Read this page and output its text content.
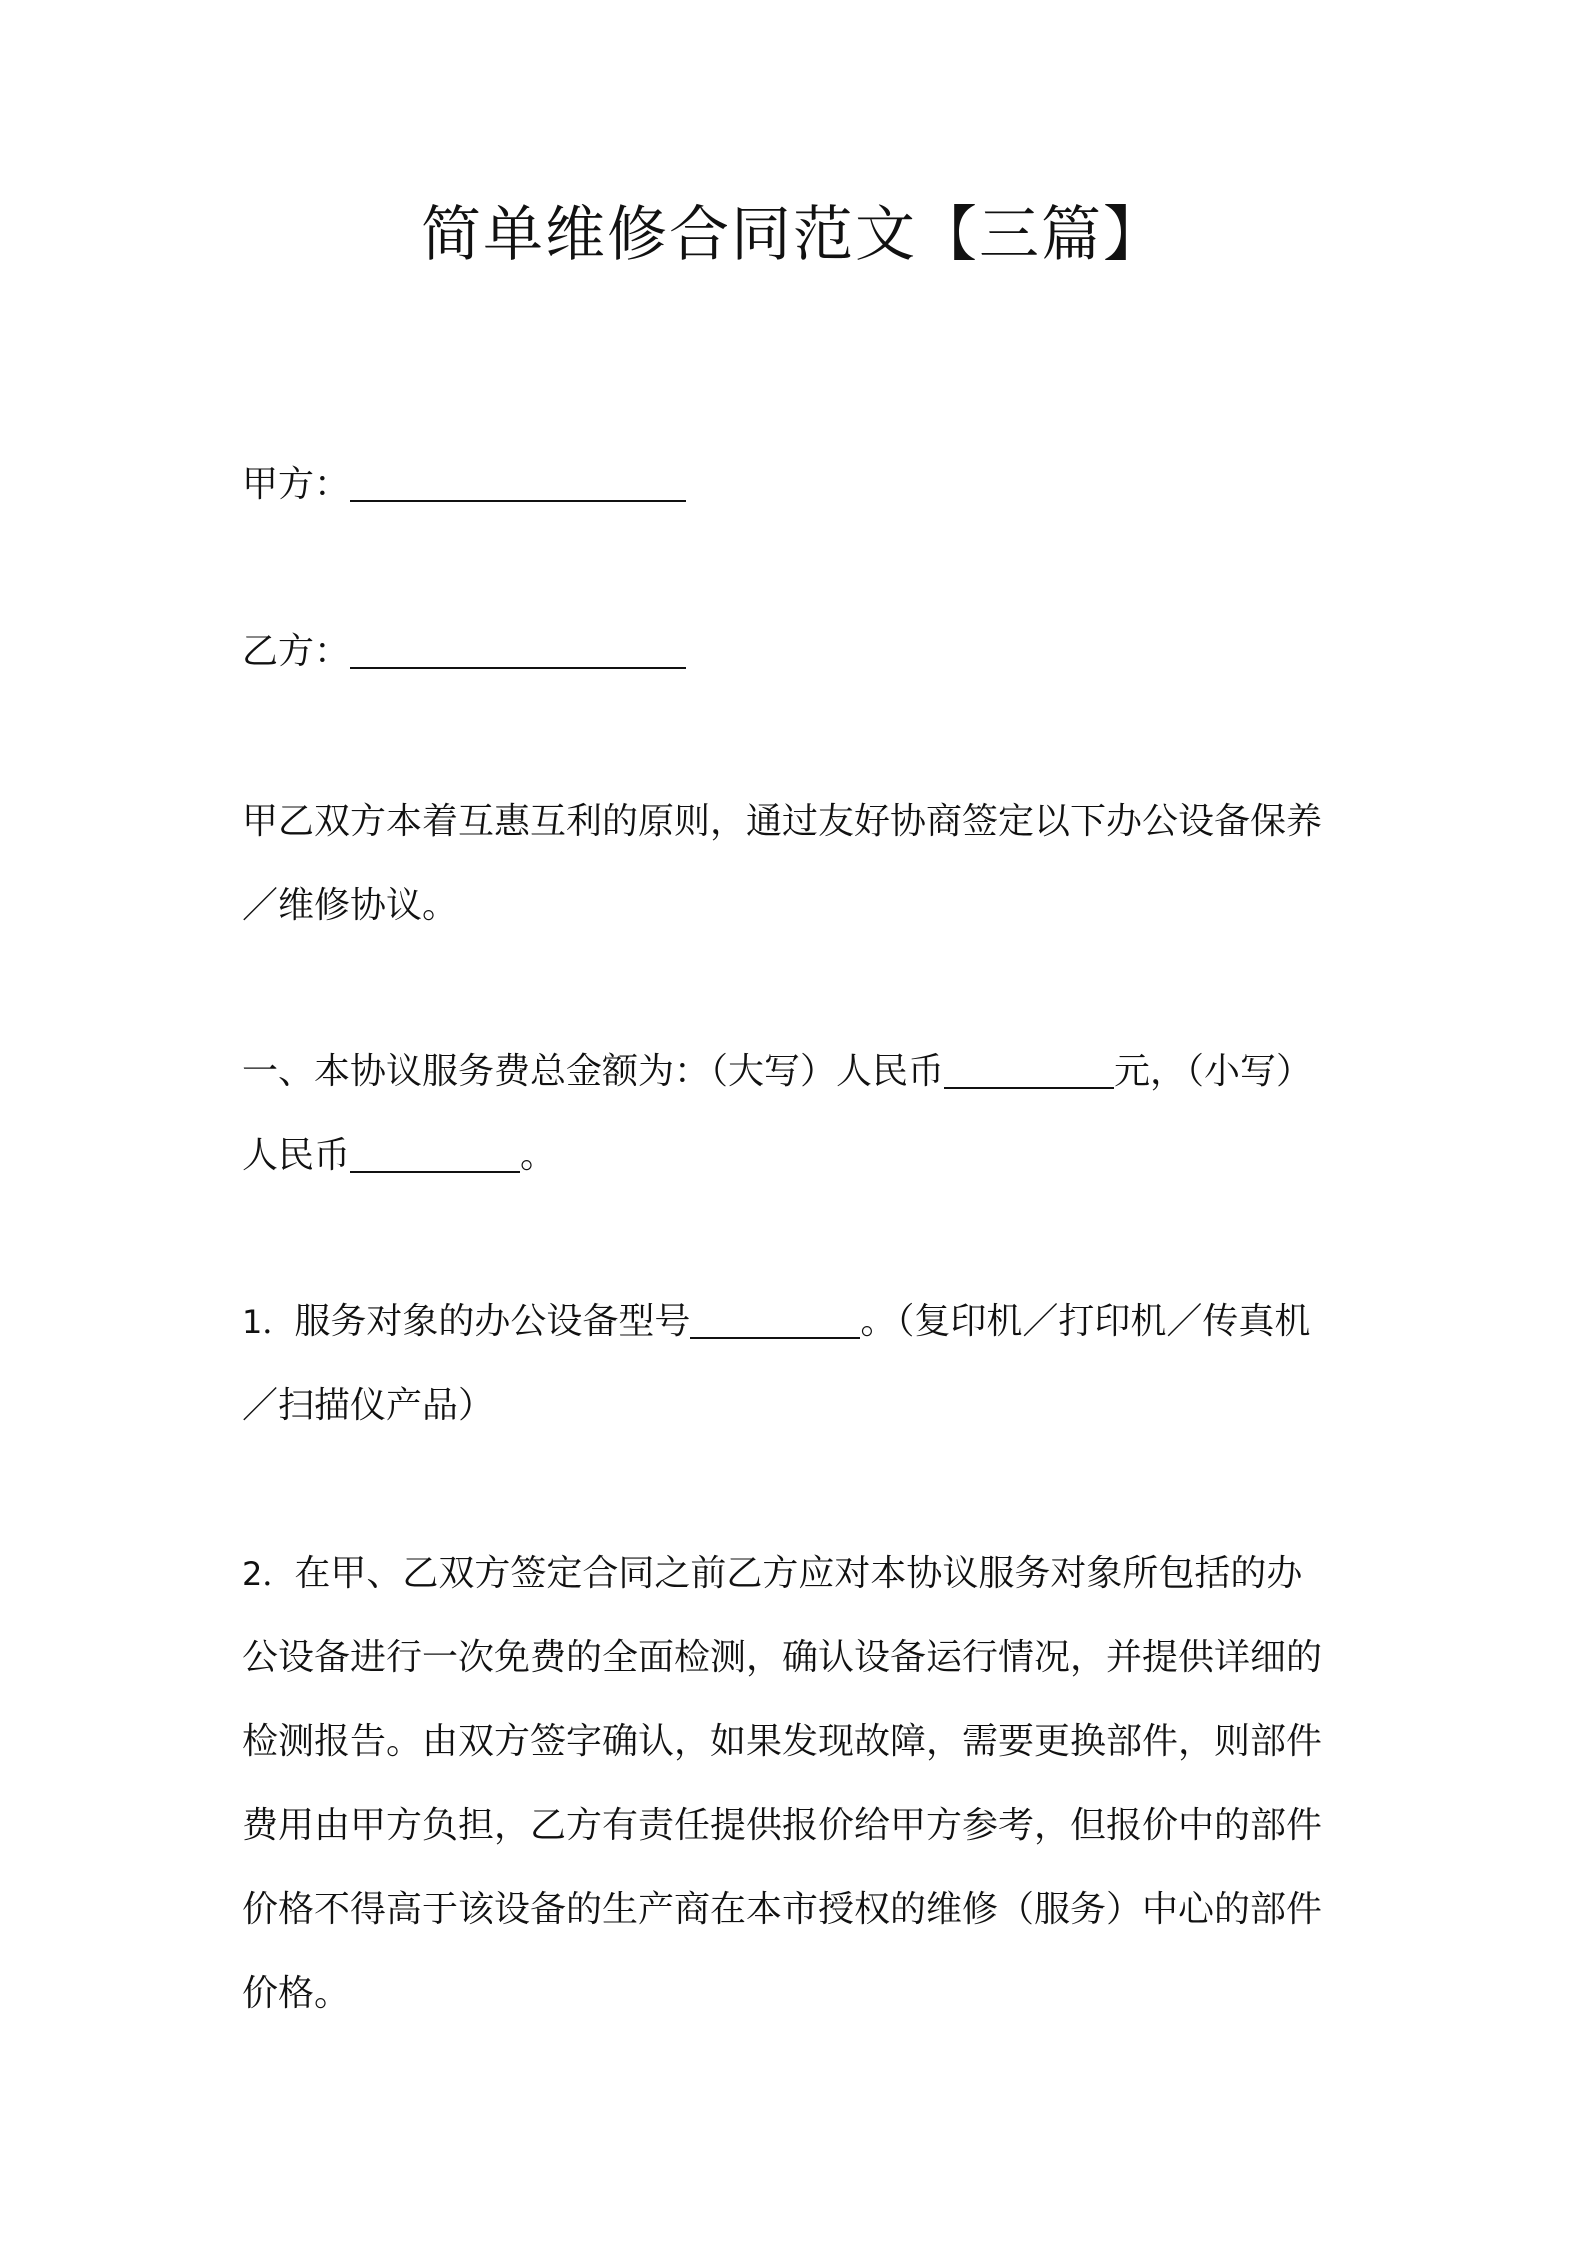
简单维修合同范文【三篇】
甲方：
乙方：
甲乙双方本着互惠互利的原则，通过友好协商签定以下办公设备保养
／维修协议。
一、本协议服务费总金额为：（大写）人民币	元，（小写）
人民币	。
1．服务对象的办公设备型号	。（复印机／打印机／传真机
／扫描仪产品）
2．在甲、乙双方签定合同之前乙方应对本协议服务对象所包括的办
公设备进行一次免费的全面检测，确认设备运行情况，并提供详细的
检测报告。由双方签字确认，如果发现故障，需要更换部件，则部件
费用由甲方负担，乙方有责任提供报价给甲方参考，但报价中的部件
价格不得高于该设备的生产商在本市授权的维修（服务）中心的部件
价格。
